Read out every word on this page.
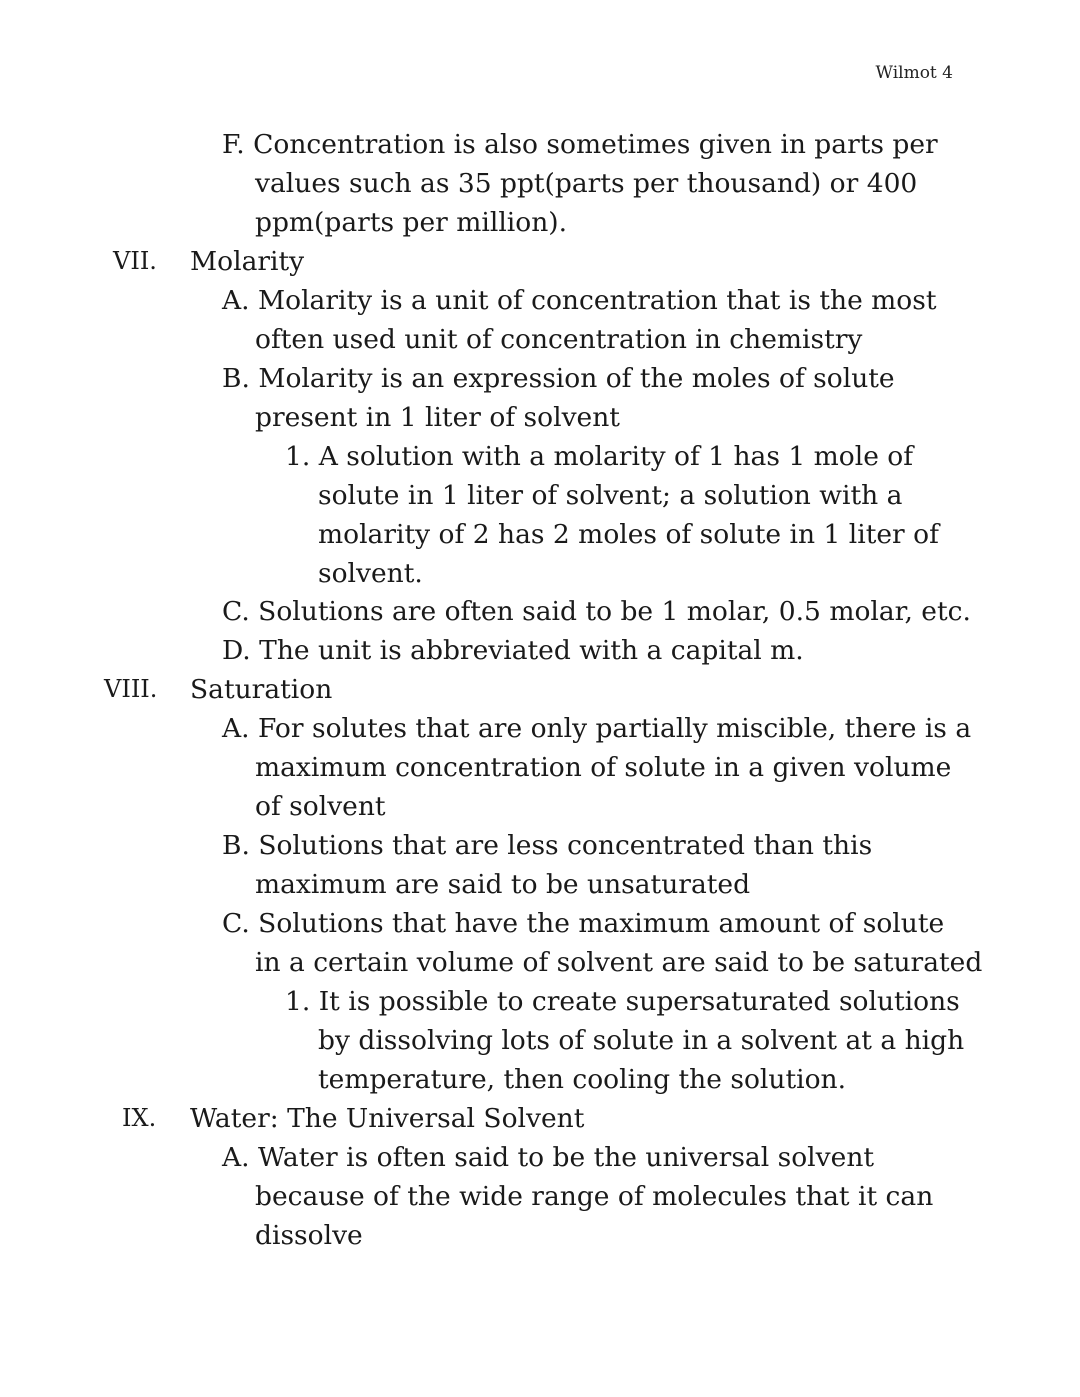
Wilmot 4
F. Concentration is also sometimes given in parts per
values such as 35 ppt(parts per thousand) or 400
ppm(parts per million).
VII. Molarity
A. Molarity is a unit of concentration that is the most
often used unit of concentration in chemistry
B. Molarity is an expression of the moles of solute
present in 1 liter of solvent
1. A solution with a molarity of 1 has 1 mole of
solute in 1 liter of solvent; a solution with a
molarity of 2 has 2 moles of solute in 1 liter of
solvent.
C. Solutions are often said to be 1 molar, 0.5 molar, etc.
D. The unit is abbreviated with a capital m.
VIII. Saturation
A. For solutes that are only partially miscible, there is a
maximum concentration of solute in a given volume
of solvent
B. Solutions that are less concentrated than this
maximum are said to be unsaturated
C. Solutions that have the maximum amount of solute
in a certain volume of solvent are said to be saturated
1. It is possible to create supersaturated solutions
by dissolving lots of solute in a solvent at a high
temperature, then cooling the solution.
IX. Water: The Universal Solvent
A. Water is often said to be the universal solvent
because of the wide range of molecules that it can
dissolve
